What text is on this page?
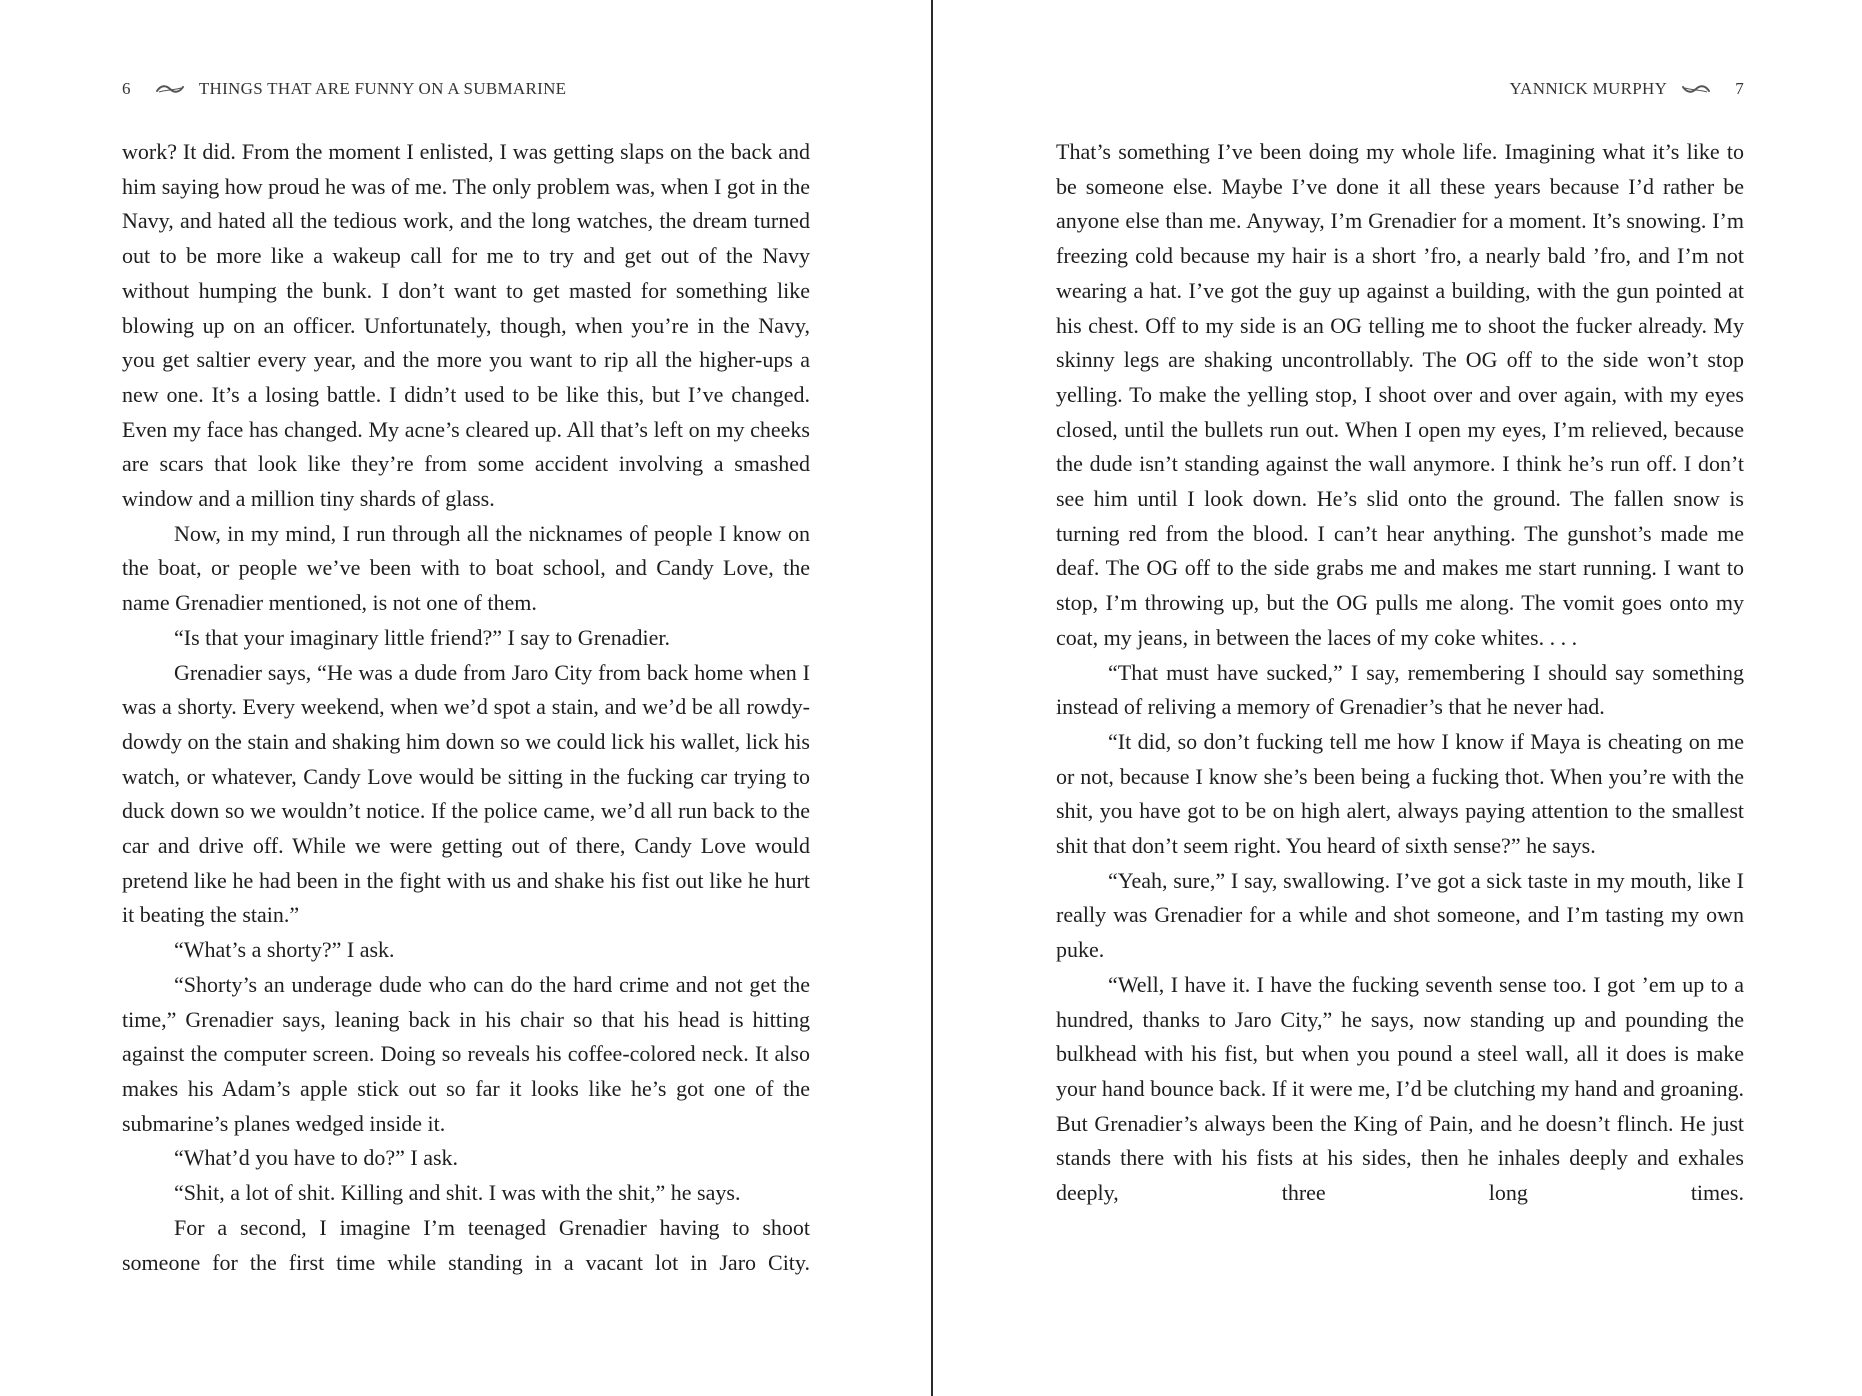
6	THINGS THAT ARE FUNNY ON A SUBMARINE

work? It did. From the moment I enlisted, I was getting slaps on the back and him saying how proud he was of me. The only problem was, when I got in the Navy, and hated all the tedious work, and the long watches, the dream turned out to be more like a wakeup call for me to try and get out of the Navy without humping the bunk. I don’t want to get masted for something like blowing up on an officer. Unfortunately, though, when you’re in the Navy, you get saltier every year, and the more you want to rip all the higher-ups a new one. It’s a losing battle. I didn’t used to be like this, but I’ve changed. Even my face has changed. My acne’s cleared up. All that’s left on my cheeks are scars that look like they’re from some accident involving a smashed window and a million tiny shards of glass.

Now, in my mind, I run through all the nicknames of people I know on the boat, or people we’ve been with to boat school, and Candy Love, the name Grenadier mentioned, is not one of them.

“Is that your imaginary little friend?” I say to Grenadier.

Grenadier says, “He was a dude from Jaro City from back home when I was a shorty. Every weekend, when we’d spot a stain, and we’d be all rowdy-dowdy on the stain and shaking him down so we could lick his wallet, lick his watch, or whatever, Candy Love would be sitting in the fucking car trying to duck down so we wouldn’t notice. If the police came, we’d all run back to the car and drive off. While we were getting out of there, Candy Love would pretend like he had been in the fight with us and shake his fist out like he hurt it beating the stain.”

“What’s a shorty?” I ask.

“Shorty’s an underage dude who can do the hard crime and not get the time,” Grenadier says, leaning back in his chair so that his head is hitting against the computer screen. Doing so reveals his coffee-colored neck. It also makes his Adam’s apple stick out so far it looks like he’s got one of the submarine’s planes wedged inside it.

“What’d you have to do?” I ask.

“Shit, a lot of shit. Killing and shit. I was with the shit,” he says.

For a second, I imagine I’m teenaged Grenadier having to shoot someone for the first time while standing in a vacant lot in Jaro City.

YANNICK MURPHY	7

That’s something I’ve been doing my whole life. Imagining what it’s like to be someone else. Maybe I’ve done it all these years because I’d rather be anyone else than me. Anyway, I’m Grenadier for a moment. It’s snowing. I’m freezing cold because my hair is a short ’fro, a nearly bald ’fro, and I’m not wearing a hat. I’ve got the guy up against a building, with the gun pointed at his chest. Off to my side is an OG telling me to shoot the fucker already. My skinny legs are shaking uncontrollably. The OG off to the side won’t stop yelling. To make the yelling stop, I shoot over and over again, with my eyes closed, until the bullets run out. When I open my eyes, I’m relieved, because the dude isn’t standing against the wall anymore. I think he’s run off. I don’t see him until I look down. He’s slid onto the ground. The fallen snow is turning red from the blood. I can’t hear anything. The gunshot’s made me deaf. The OG off to the side grabs me and makes me start running. I want to stop, I’m throwing up, but the OG pulls me along. The vomit goes onto my coat, my jeans, in between the laces of my coke whites. . . .

“That must have sucked,” I say, remembering I should say something instead of reliving a memory of Grenadier’s that he never had.

“It did, so don’t fucking tell me how I know if Maya is cheating on me or not, because I know she’s been being a fucking thot. When you’re with the shit, you have got to be on high alert, always paying attention to the smallest shit that don’t seem right. You heard of sixth sense?” he says.

“Yeah, sure,” I say, swallowing. I’ve got a sick taste in my mouth, like I really was Grenadier for a while and shot someone, and I’m tasting my own puke.

“Well, I have it. I have the fucking seventh sense too. I got ’em up to a hundred, thanks to Jaro City,” he says, now standing up and pounding the bulkhead with his fist, but when you pound a steel wall, all it does is make your hand bounce back. If it were me, I’d be clutching my hand and groaning. But Grenadier’s always been the King of Pain, and he doesn’t flinch. He just stands there with his fists at his sides, then he inhales deeply and exhales deeply, three long times.
